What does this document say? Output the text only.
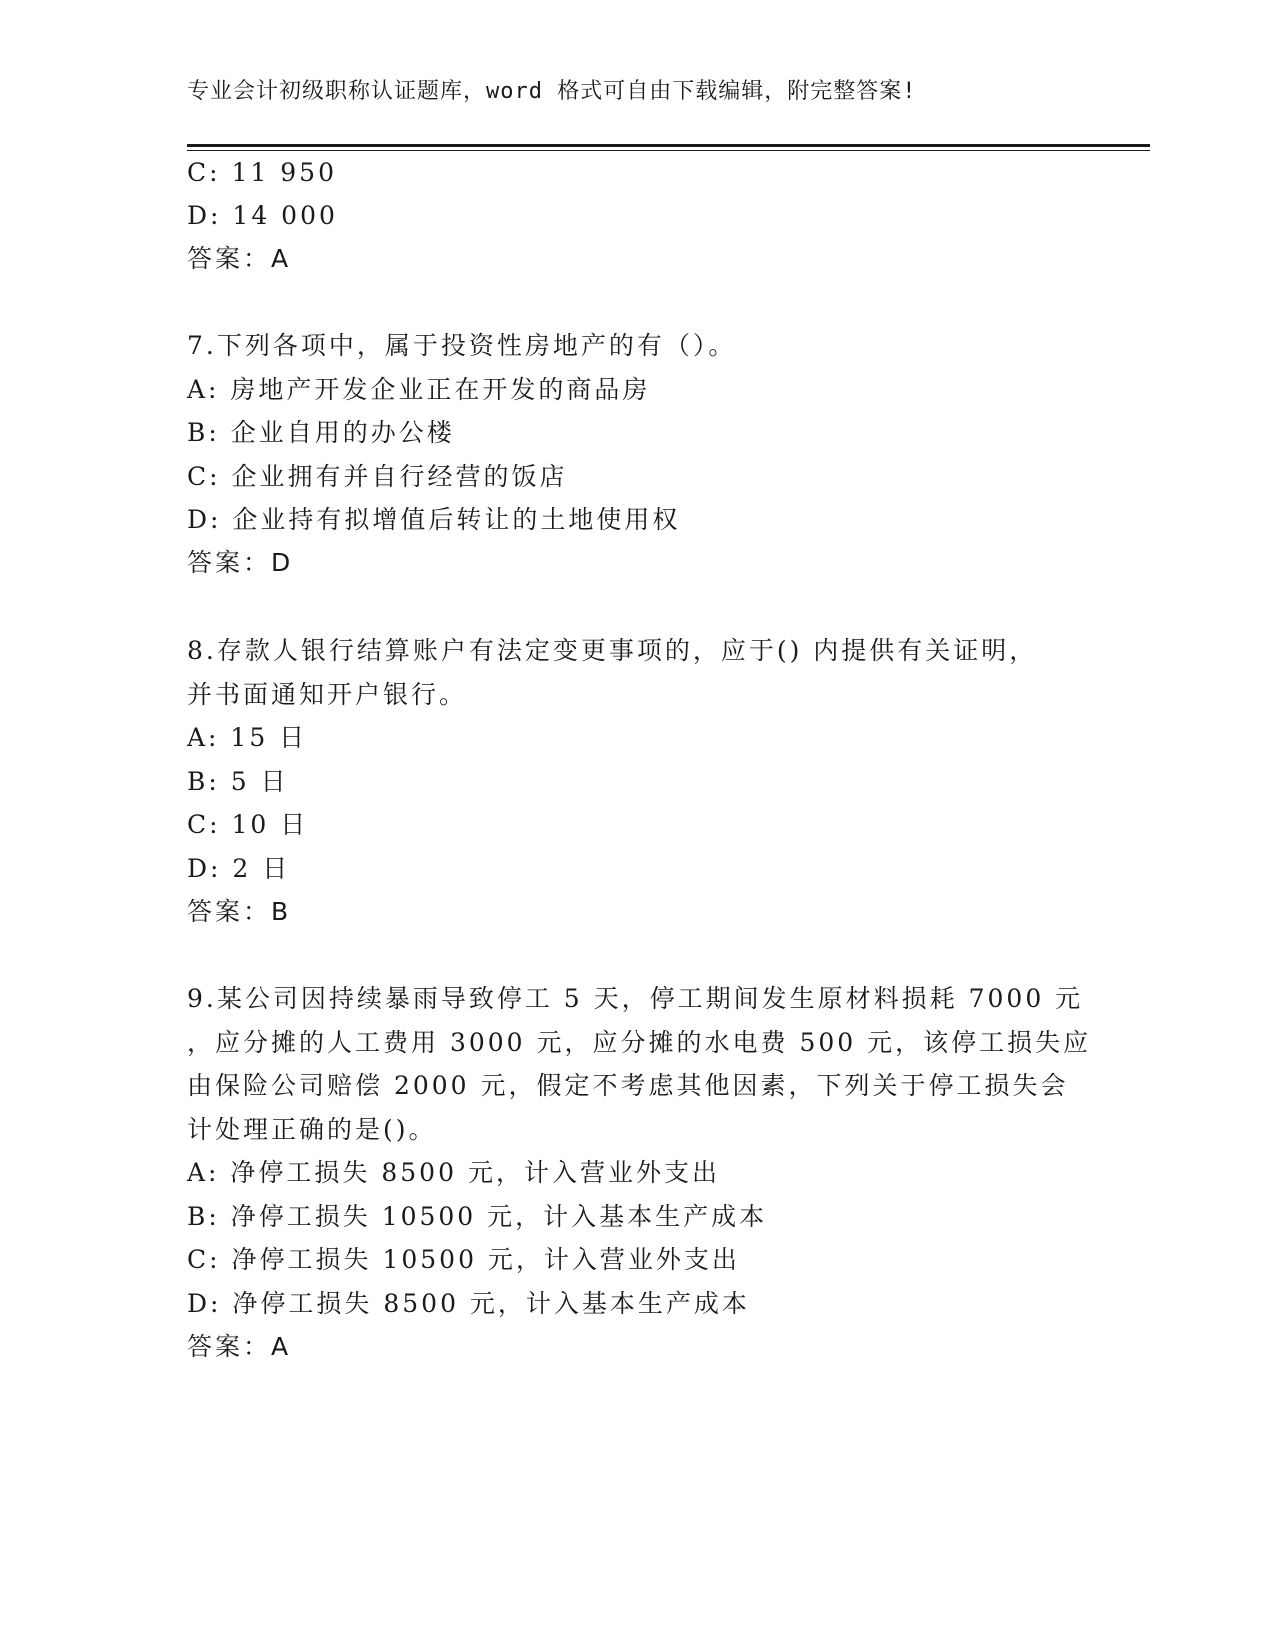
专业会计初级职称认证题库，word 格式可自由下载编辑，附完整答案!
C: 11 950
D: 14 000
答案：A
7.下列各项中，属于投资性房地产的有（）。
A: 房地产开发企业正在开发的商品房
B: 企业自用的办公楼
C: 企业拥有并自行经营的饭店
D: 企业持有拟增值后转让的土地使用权
答案：D
8.存款人银行结算账户有法定变更事项的，应于() 内提供有关证明，
并书面通知开户银行。
A: 15 日
B: 5 日
C: 10 日
D: 2 日
答案：B
9.某公司因持续暴雨导致停工 5 天，停工期间发生原材料损耗 7000 元
，应分摊的人工费用 3000 元，应分摊的水电费 500 元，该停工损失应
由保险公司赔偿 2000 元，假定不考虑其他因素，下列关于停工损失会
计处理正确的是()。
A: 净停工损失 8500 元，计入营业外支出
B: 净停工损失 10500 元，计入基本生产成本
C: 净停工损失 10500 元，计入营业外支出
D: 净停工损失 8500 元，计入基本生产成本
答案：A
